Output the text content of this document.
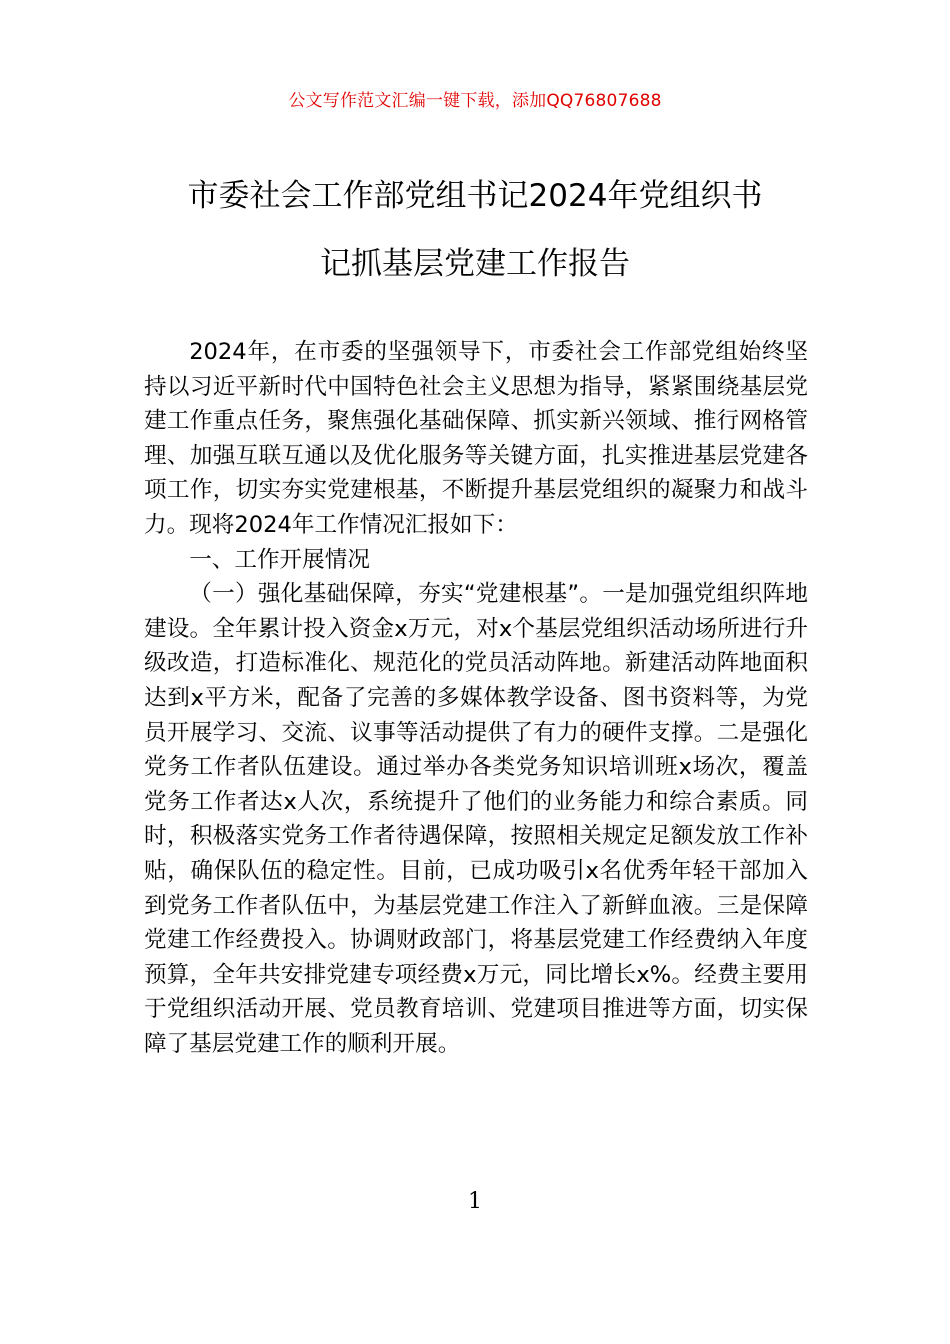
公文写作范文汇编一键下载，添加QQ76807688
市委社会工作部党组书记2024年党组织书
记抓基层党建工作报告

2024年，在市委的坚强领导下，市委社会工作部党组始终坚持以习近平新时代中国特色社会主义思想为指导，紧紧围绕基层党建工作重点任务，聚焦强化基础保障、抓实新兴领域、推行网格管理、加强互联互通以及优化服务等关键方面，扎实推进基层党建各项工作，切实夯实党建根基，不断提升基层党组织的凝聚力和战斗力。现将2024年工作情况汇报如下：

一、工作开展情况

（一）强化基础保障，夯实“党建根基”。一是加强党组织阵地建设。全年累计投入资金x万元，对x个基层党组织活动场所进行升级改造，打造标准化、规范化的党员活动阵地。新建活动阵地面积达到x平方米，配备了完善的多媒体教学设备、图书资料等，为党员开展学习、交流、议事等活动提供了有力的硬件支撑。二是强化党务工作者队伍建设。通过举办各类党务知识培训班x场次，覆盖党务工作者达x人次，系统提升了他们的业务能力和综合素质。同时，积极落实党务工作者待遇保障，按照相关规定足额发放工作补贴，确保队伍的稳定性。目前，已成功吸引x名优秀年轻干部加入到党务工作者队伍中，为基层党建工作注入了新鲜血液。三是保障党建工作经费投入。协调财政部门，将基层党建工作经费纳入年度预算，全年共安排党建专项经费x万元，同比增长x%。经费主要用于党组织活动开展、党员教育培训、党建项目推进等方面，切实保障了基层党建工作的顺利开展。

1
